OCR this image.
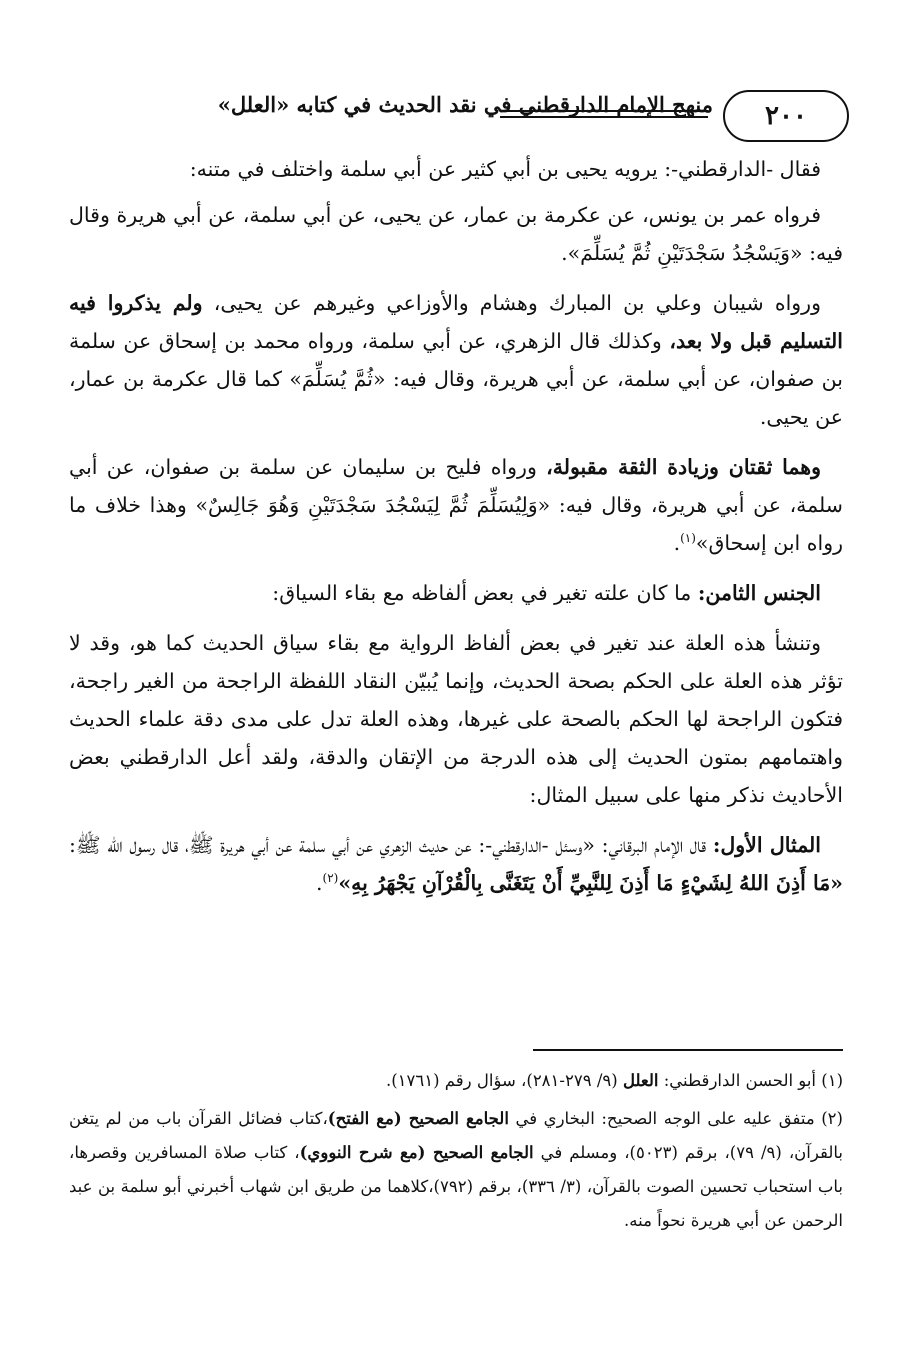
٢٠٠
منهج الإمام الدارقطني في نقد الحديث في كتابه «العلل»

فقال -الدارقطني-: يرويه يحيى بن أبي كثير عن أبي سلمة واختلف في متنه:

فرواه عمر بن يونس، عن عكرمة بن عمار، عن يحيى، عن أبي سلمة، عن أبي هريرة وقال فيه: «وَيَسْجُدُ سَجْدَتَيْنِ ثُمَّ يُسَلِّمَ».

ورواه شيبان وعلي بن المبارك وهشام والأوزاعي وغيرهم عن يحيى، ولم يذكروا فيه التسليم قبل ولا بعد، وكذلك قال الزهري، عن أبي سلمة، ورواه محمد بن إسحاق عن سلمة بن صفوان، عن أبي سلمة، عن أبي هريرة، وقال فيه: «ثُمَّ يُسَلِّمَ» كما قال عكرمة بن عمار، عن يحيى.

وهما ثقتان وزيادة الثقة مقبولة، ورواه فليح بن سليمان عن سلمة بن صفوان، عن أبي سلمة، عن أبي هريرة، وقال فيه: «وَلِيُسَلِّمَ ثُمَّ لِيَسْجُدَ سَجْدَتَيْنِ وَهُوَ جَالِسٌ» وهذا خلاف ما رواه ابن إسحاق»$^{(١)}$.

الجنس الثامن: ما كان علته تغير في بعض ألفاظه مع بقاء السياق:

وتنشأ هذه العلة عند تغير في بعض ألفاظ الرواية مع بقاء سياق الحديث كما هو، وقد لا تؤثر هذه العلة على الحكم بصحة الحديث، وإنما يُبيّن النقاد اللفظة الراجحة من الغير راجحة، فتكون الراجحة لها الحكم بالصحة على غيرها، وهذه العلة تدل على مدى دقة علماء الحديث واهتمامهم بمتون الحديث إلى هذه الدرجة من الإتقان والدقة، ولقد أعل الدارقطني بعض الأحاديث نذكر منها على سبيل المثال:

المثال الأول: قال الإمام البرقاني: «وسئل -الدارقطني-: عن حديث الزهري عن أبي سلمة عن أبي هريرة ﷺ، قال رسول الله ﷺ: «مَا أَذِنَ اللهُ لِشَيْءٍ مَا أَذِنَ لِلنَّبِيِّ أَنْ يَتَغَنَّى بِالْقُرْآنِ يَجْهَرُ بِهِ»$^{(٢)}$.

(١) أبو الحسن الدارقطني: العلل (٩/ ٢٧٩-٢٨١)، سؤال رقم (١٧٦١).

(٢) متفق عليه على الوجه الصحيح: البخاري في الجامع الصحيح (مع الفتح)،كتاب فضائل القرآن باب من لم يتغن بالقرآن، (٩/ ٧٩)، برقم (٥٠٢٣)، ومسلم في الجامع الصحيح (مع شرح النووي)، كتاب صلاة المسافرين وقصرها، باب استحباب تحسين الصوت بالقرآن، (٣/ ٣٣٦)، برقم (٧٩٢)،كلاهما من طريق ابن شهاب أخبرني أبو سلمة بن عبد الرحمن عن أبي هريرة نحواً منه.
